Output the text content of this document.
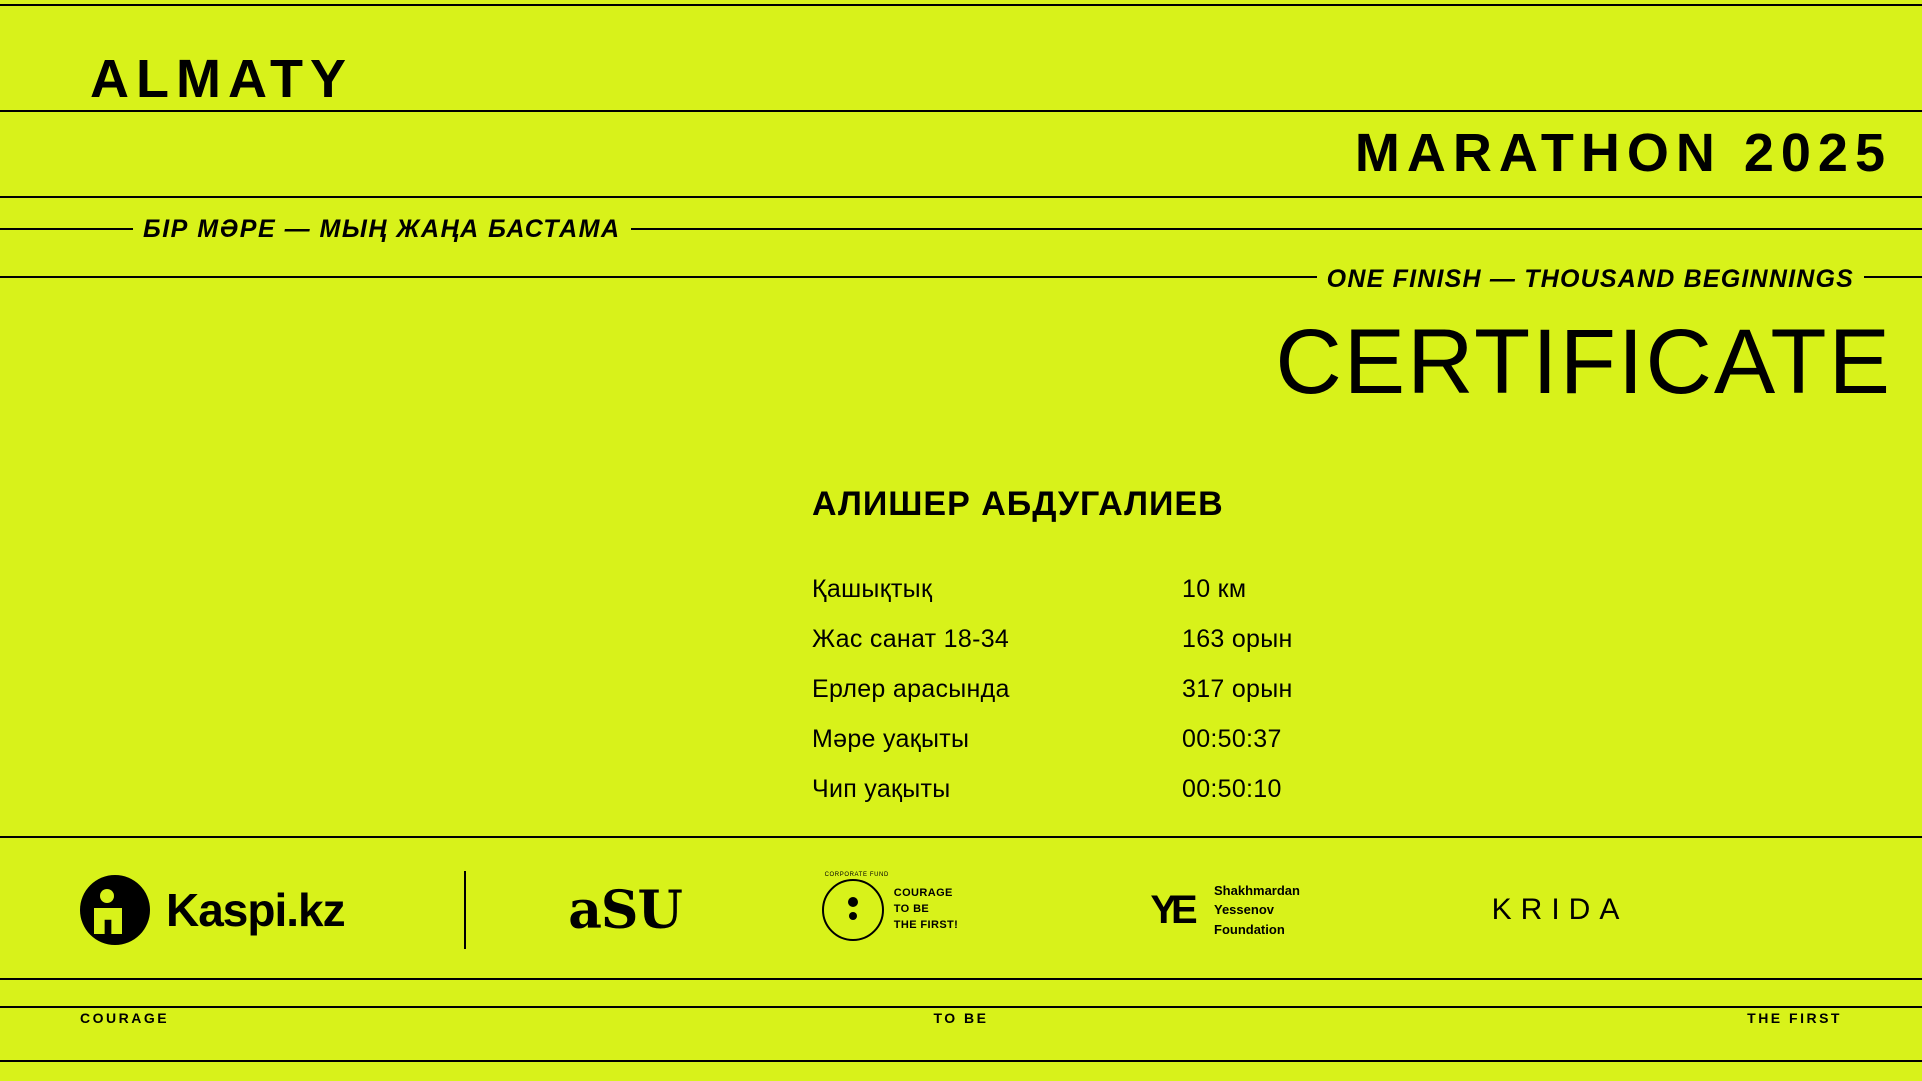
ALMATY
MARATHON 2025
БІР МӘРЕ — МЫҢ ЖАҢА БАСТАМА
ONE FINISH — THOUSAND BEGINNINGS
CERTIFICATE
АЛИШЕР АБДУГАЛИЕВ
Қашықтық	10 км
Жас санат 18-34	163 орын
Ерлер арасында	317 орын
Мәре уақыты	00:50:37
Чип уақыты	00:50:10
Kaspi.kz	aSU
CORPORATE FUND
COURAGE
TO BE
THE FIRST!	YE	Shakhmardan
Yessenov
Foundation
KRIDA
COURAGE	TO BE	THE FIRST
